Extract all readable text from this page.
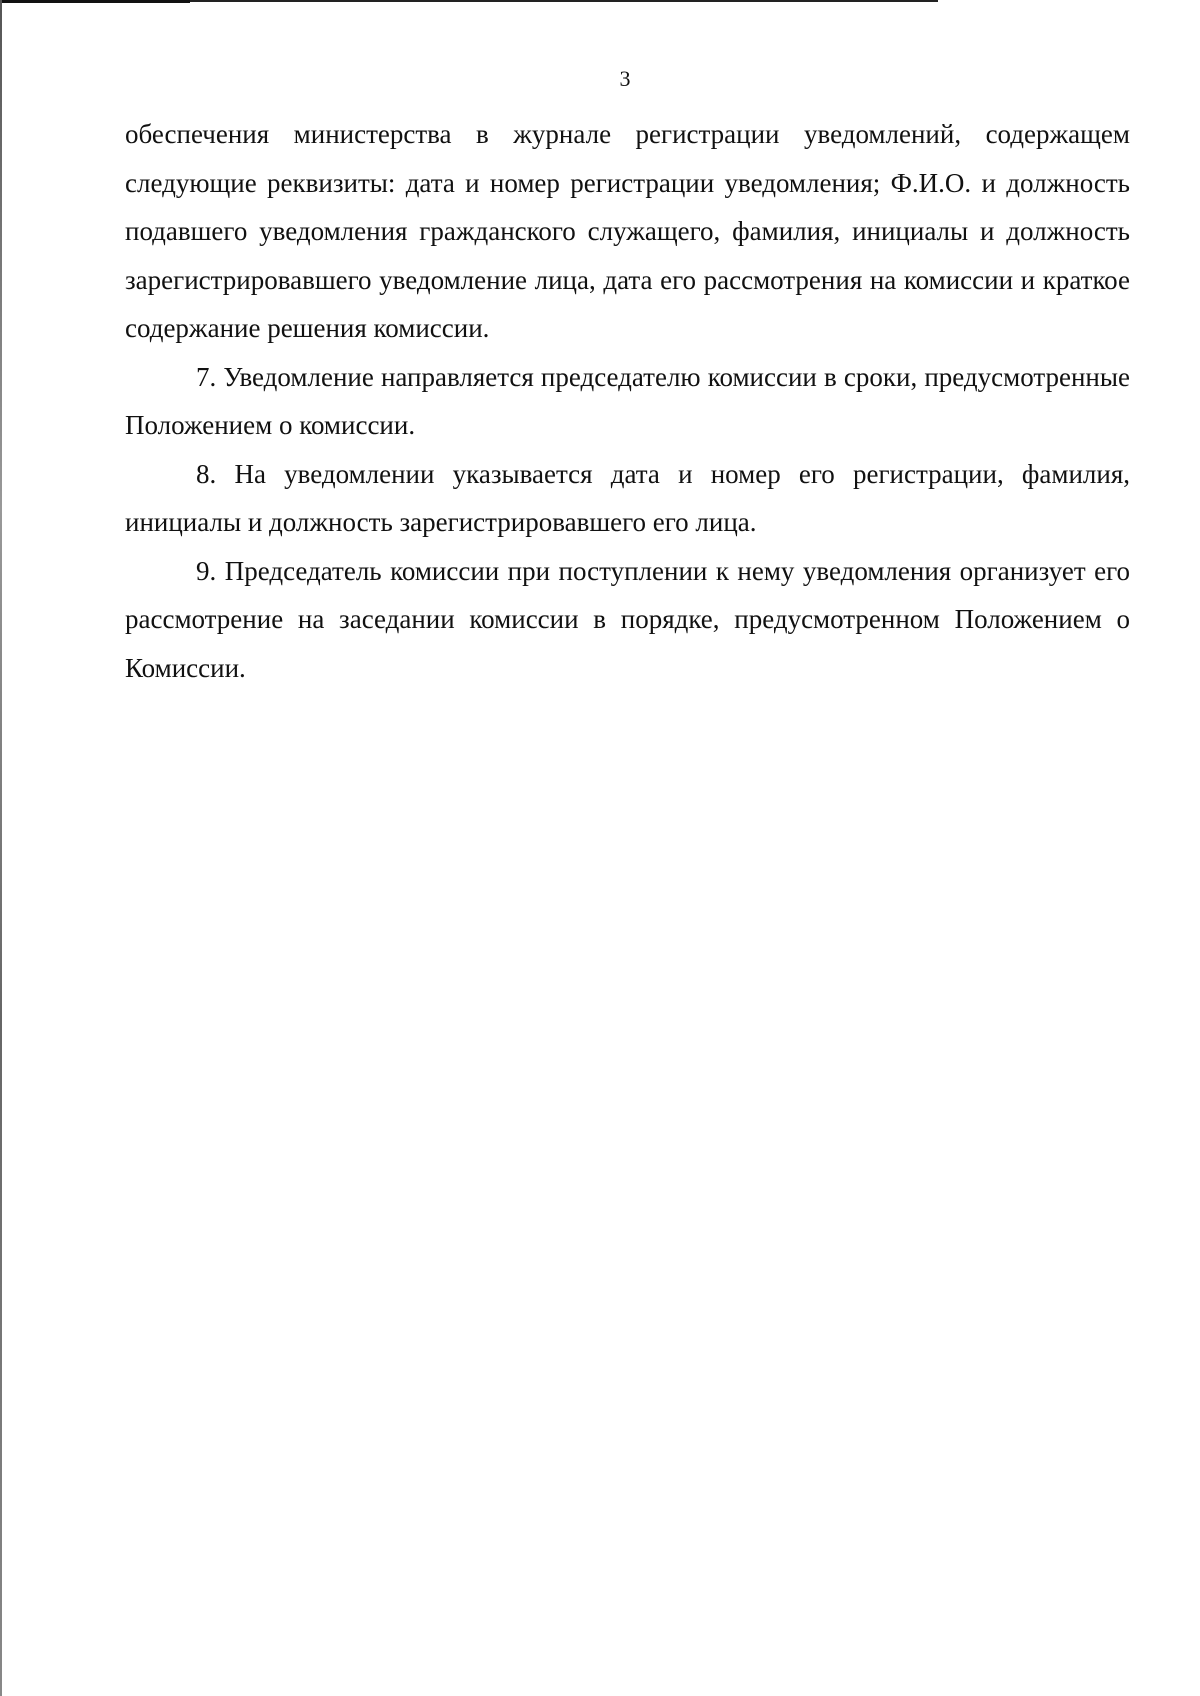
3

обеспечения министерства в журнале регистрации уведомлений, содержащем следующие реквизиты: дата и номер регистрации уведомления; Ф.И.О. и должность подавшего уведомления гражданского служащего, фамилия, инициалы и должность зарегистрировавшего уведомление лица, дата его рассмотрения на комиссии и краткое содержание решения комиссии.

7. Уведомление направляется председателю комиссии в сроки, предусмотренные Положением о комиссии.

8. На уведомлении указывается дата и номер его регистрации, фамилия, инициалы и должность зарегистрировавшего его лица.

9. Председатель комиссии при поступлении к нему уведомления организует его рассмотрение на заседании комиссии в порядке, предусмотренном Положением о Комиссии.
